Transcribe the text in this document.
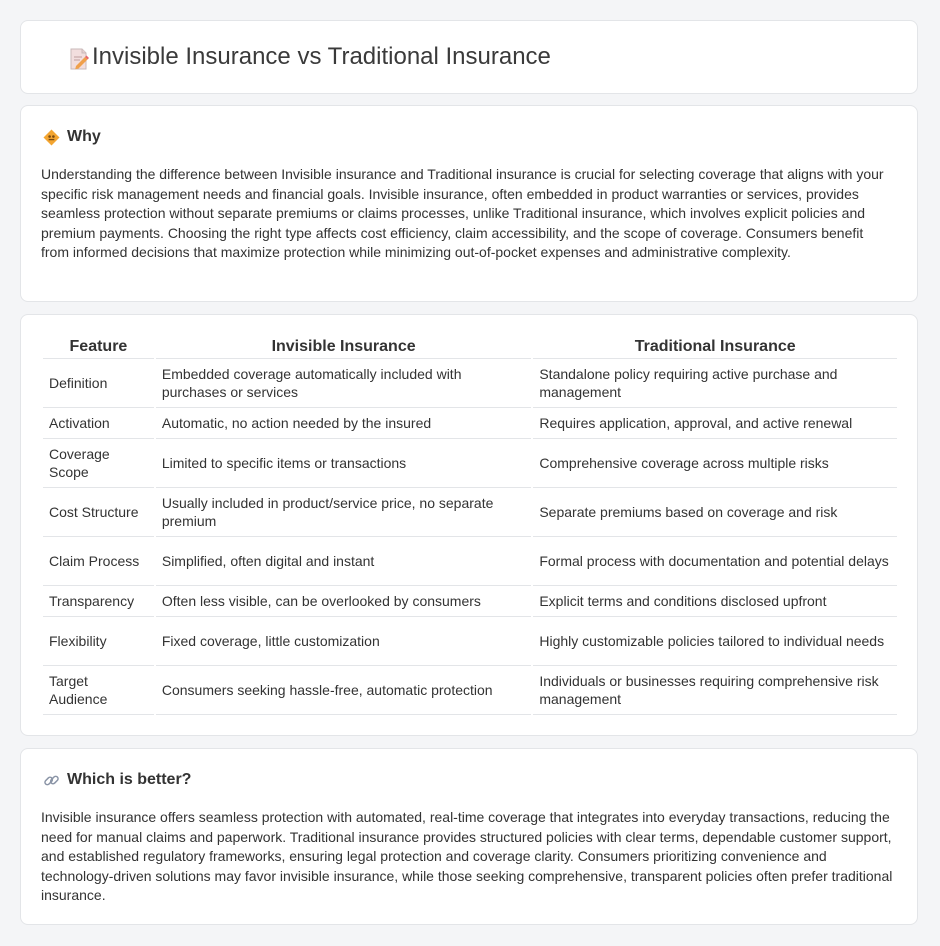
Invisible Insurance vs Traditional Insurance
Why

Understanding the difference between Invisible insurance and Traditional insurance is crucial for selecting coverage that aligns with your specific risk management needs and financial goals. Invisible insurance, often embedded in product warranties or services, provides seamless protection without separate premiums or claims processes, unlike Traditional insurance, which involves explicit policies and premium payments. Choosing the right type affects cost efficiency, claim accessibility, and the scope of coverage. Consumers benefit from informed decisions that maximize protection while minimizing out-of-pocket expenses and administrative complexity.

Feature	Invisible Insurance	Traditional Insurance
Definition	Embedded coverage automatically included with purchases or services	Standalone policy requiring active purchase and management
Activation	Automatic, no action needed by the insured	Requires application, approval, and active renewal
Coverage Scope	Limited to specific items or transactions	Comprehensive coverage across multiple risks
Cost Structure	Usually included in product/service price, no separate premium	Separate premiums based on coverage and risk
Claim Process	Simplified, often digital and instant	Formal process with documentation and potential delays
Transparency	Often less visible, can be overlooked by consumers	Explicit terms and conditions disclosed upfront
Flexibility	Fixed coverage, little customization	Highly customizable policies tailored to individual needs
Target Audience	Consumers seeking hassle-free, automatic protection	Individuals or businesses requiring comprehensive risk management
Which is better?

Invisible insurance offers seamless protection with automated, real-time coverage that integrates into everyday transactions, reducing the need for manual claims and paperwork. Traditional insurance provides structured policies with clear terms, dependable customer support, and established regulatory frameworks, ensuring legal protection and coverage clarity. Consumers prioritizing convenience and technology-driven solutions may favor invisible insurance, while those seeking comprehensive, transparent policies often prefer traditional insurance.
